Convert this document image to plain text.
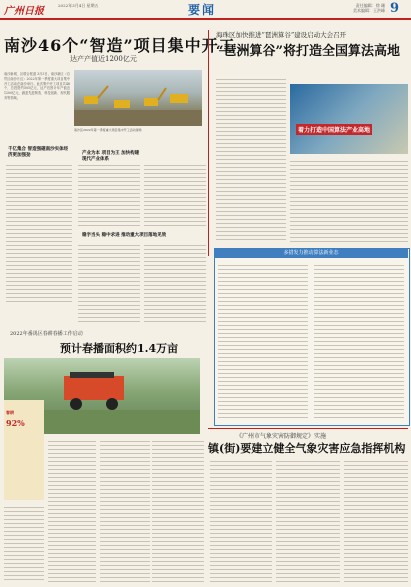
广州日报
2022年3月4日 星期五	要闻	责任编辑：徐 珊
美术编辑：王洪峰 9
南沙46个“智造”项目集中开工
达产产值近1200亿元
南沙新城、区联合报道 3月3日，南沙新区（自贸区南沙片区）2022年第一季度重大项目集中开工活动在南沙举行。此次集中开工项目共46个，总投资约505亿元，达产后预计年产值近1200亿元，涵盖先进制造、科技创新、现代服务等领域。
南沙区2022年第一季度重大项目集中开工活动现场
千亿集合 智造强磁南沙实体经济更加强劲	产业为本 项目为王 加快构建现代产业体系
稳字当头 稳中求进 推动重大项目落地见效
海珠区加快推进“琶洲算谷”建设启动大会召开
“琶洲算谷”将打造全国算法高地
着力打造中国算法产业高地
多措发力推动算法新业态
2022年番禺区春耕春播工作启动
预计春播面积约1.4万亩
春耕
92%
《广州市气象灾害防御规定》实施
镇(街)要建立健全气象灾害应急指挥机构
